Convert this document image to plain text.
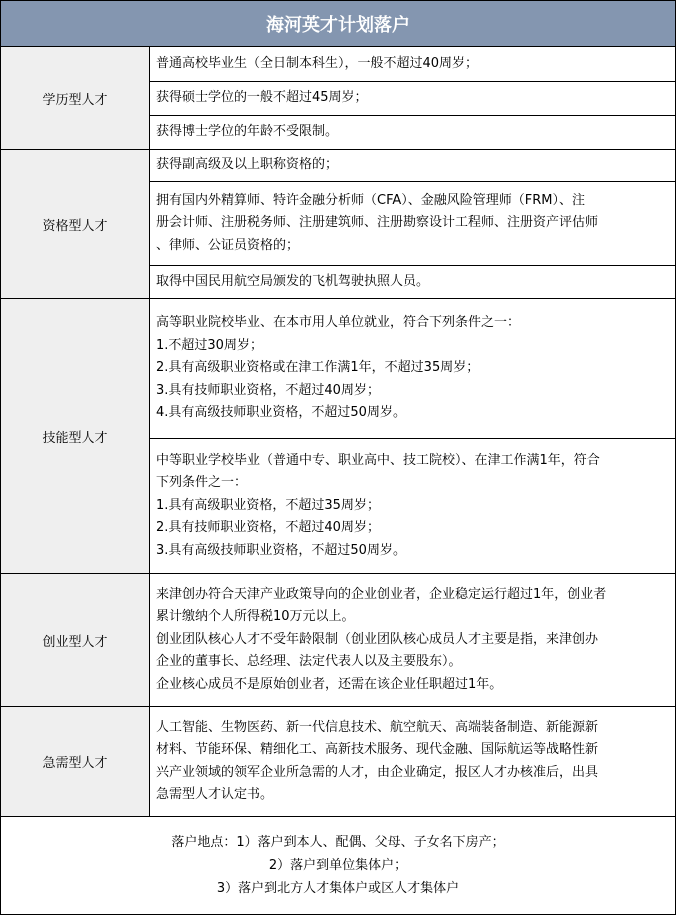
海河英才计划落户
学历型人才

普通高校毕业生（全日制本科生），一般不超过40周岁；

获得硕士学位的一般不超过45周岁；

获得博士学位的年龄不受限制。

资格型人才

获得副高级及以上职称资格的；

拥有国内外精算师、特许金融分析师（CFA）、金融风险管理师（FRM）、注

册会计师、注册税务师、注册建筑师、注册勘察设计工程师、注册资产评估师

、律师、公证员资格的；

取得中国民用航空局颁发的飞机驾驶执照人员。

技能型人才

高等职业院校毕业、在本市用人单位就业，符合下列条件之一：

1.不超过30周岁；

2.具有高级职业资格或在津工作满1年，不超过35周岁；

3.具有技师职业资格，不超过40周岁；

4.具有高级技师职业资格，不超过50周岁。

中等职业学校毕业（普通中专、职业高中、技工院校）、在津工作满1年，符合

下列条件之一：

1.具有高级职业资格，不超过35周岁；

2.具有技师职业资格，不超过40周岁；

3.具有高级技师职业资格，不超过50周岁。

创业型人才

来津创办符合天津产业政策导向的企业创业者，企业稳定运行超过1年，创业者

累计缴纳个人所得税10万元以上。

创业团队核心人才不受年龄限制（创业团队核心成员人才主要是指，来津创办

企业的董事长、总经理、法定代表人以及主要股东）。

企业核心成员不是原始创业者，还需在该企业任职超过1年。

急需型人才

人工智能、生物医药、新一代信息技术、航空航天、高端装备制造、新能源新

材料、节能环保、精细化工、高新技术服务、现代金融、国际航运等战略性新

兴产业领域的领军企业所急需的人才，由企业确定，报区人才办核准后，出具

急需型人才认定书。

落户地点：1）落户到本人、配偶、父母、子女名下房产；

2）落户到单位集体户；

3）落户到北方人才集体户或区人才集体户
